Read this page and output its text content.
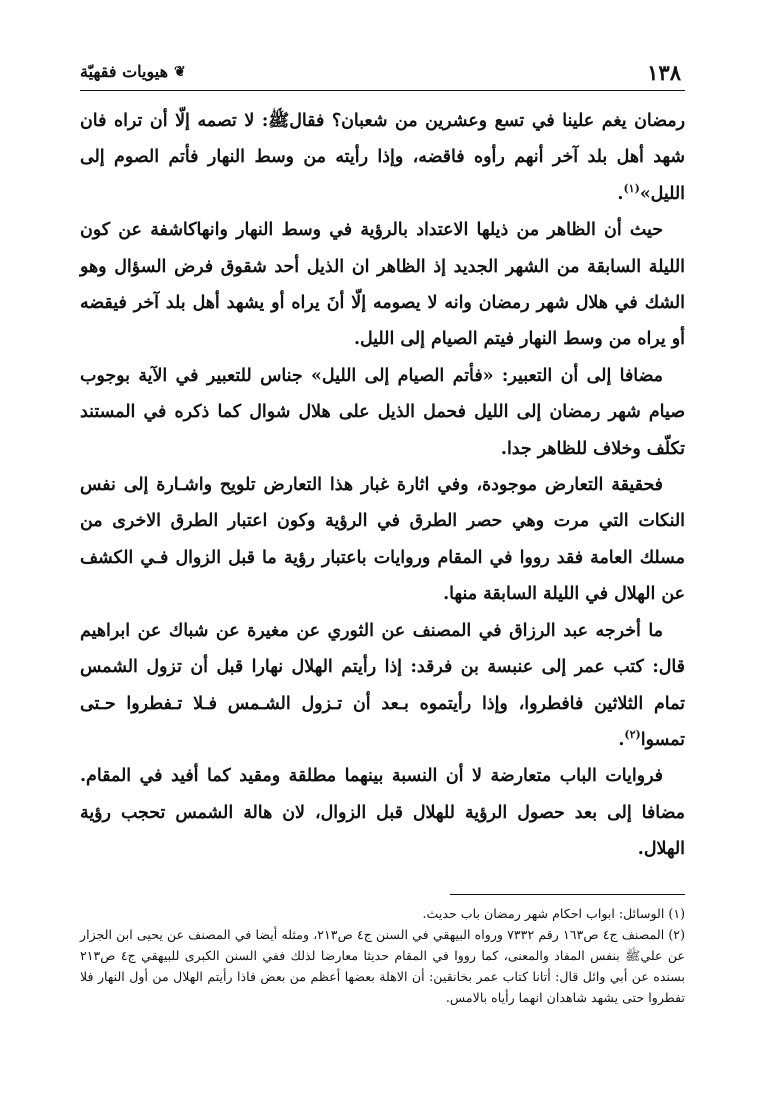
١٣٨
❦
هيويات فقهيّة

رمضان يغم علينا في تسع وعشرين من شعبان؟ فقالﷺ: لا تصمه إلّا أن تراه فان شهد أهل بلد آخر أنهم رأوه فاقضه، وإذا رأيته من وسط النهار فأتم الصوم إلى الليل»$^{(١)}$.

حيث أن الظاهر من ذيلها الاعتداد بالرؤية في وسط النهار وانهاكاشفة عن كون الليلة السابقة من الشهر الجديد إذ الظاهر ان الذيل أحد شقوق فرض السؤال وهو الشك في هلال شهر رمضان وانه لا يصومه إلّا أنَ يراه أو يشهد أهل بلد آخر فيقضه أو يراه من وسط النهار فيتم الصيام إلى الليل.

مضافا إلى أن التعبير: «فأتم الصيام إلى الليل» جناس للتعبير في الآية بوجوب صيام شهر رمضان إلى الليل فحمل الذيل على هلال شوال كما ذكره في المستند تكلّف وخلاف للظاهر جدا.

فحقيقة التعارض موجودة، وفي اثارة غبار هذا التعارض تلويح واشـارة إلى نفس النكات التي مرت وهي حصر الطرق في الرؤية وكون اعتبار الطرق الاخرى من مسلك العامة فقد رووا في المقام وروايات باعتبار رؤية ما قبل الزوال فـي الكشف عن الهلال في الليلة السابقة منها.

ما أخرجه عبد الرزاق في المصنف عن الثوري عن مغيرة عن شباك عن ابراهيم قال: كتب عمر إلى عنبسة بن فرقد: إذا رأيتم الهلال نهارا قبل أن تزول الشمس تمام الثلاثين فافطروا، وإذا رأيتموه بـعد أن تـزول الشـمس فـلا تـفطروا حـتى تمسوا$^{(٢)}$.

فروايات الباب متعارضة لا أن النسبة بينهما مطلقة ومقيد كما أفيد في المقام. مضافا إلى بعد حصول الرؤية للهلال قبل الزوال، لان هالة الشمس تحجب رؤية الهلال.

(١) الوسائل: ابواب احكام شهر رمضان باب حديث.

(٢) المصنف ج٤ ص١٦٣ رقم ٧٣٣٢ ورواه البيهقي في السنن ج٤ ص٢١٣، ومثله أيضا في المصنف عن يحيى ابن الجزار عن عليﷺ بنفس المفاد والمعنى، كما رووا في المقام حديثا معارضا لذلك ففي السنن الكبرى للبيهقي ج٤ ص٢١٣ بسنده عن أبي وائل قال: أتانا كتاب عمر بخانقين: أن الاهلة بعضها أعظم من بعض فاذا رأيتم الهلال من أول النهار فلا تفطروا حتى يشهد شاهدان انهما رأياه بالامس.
